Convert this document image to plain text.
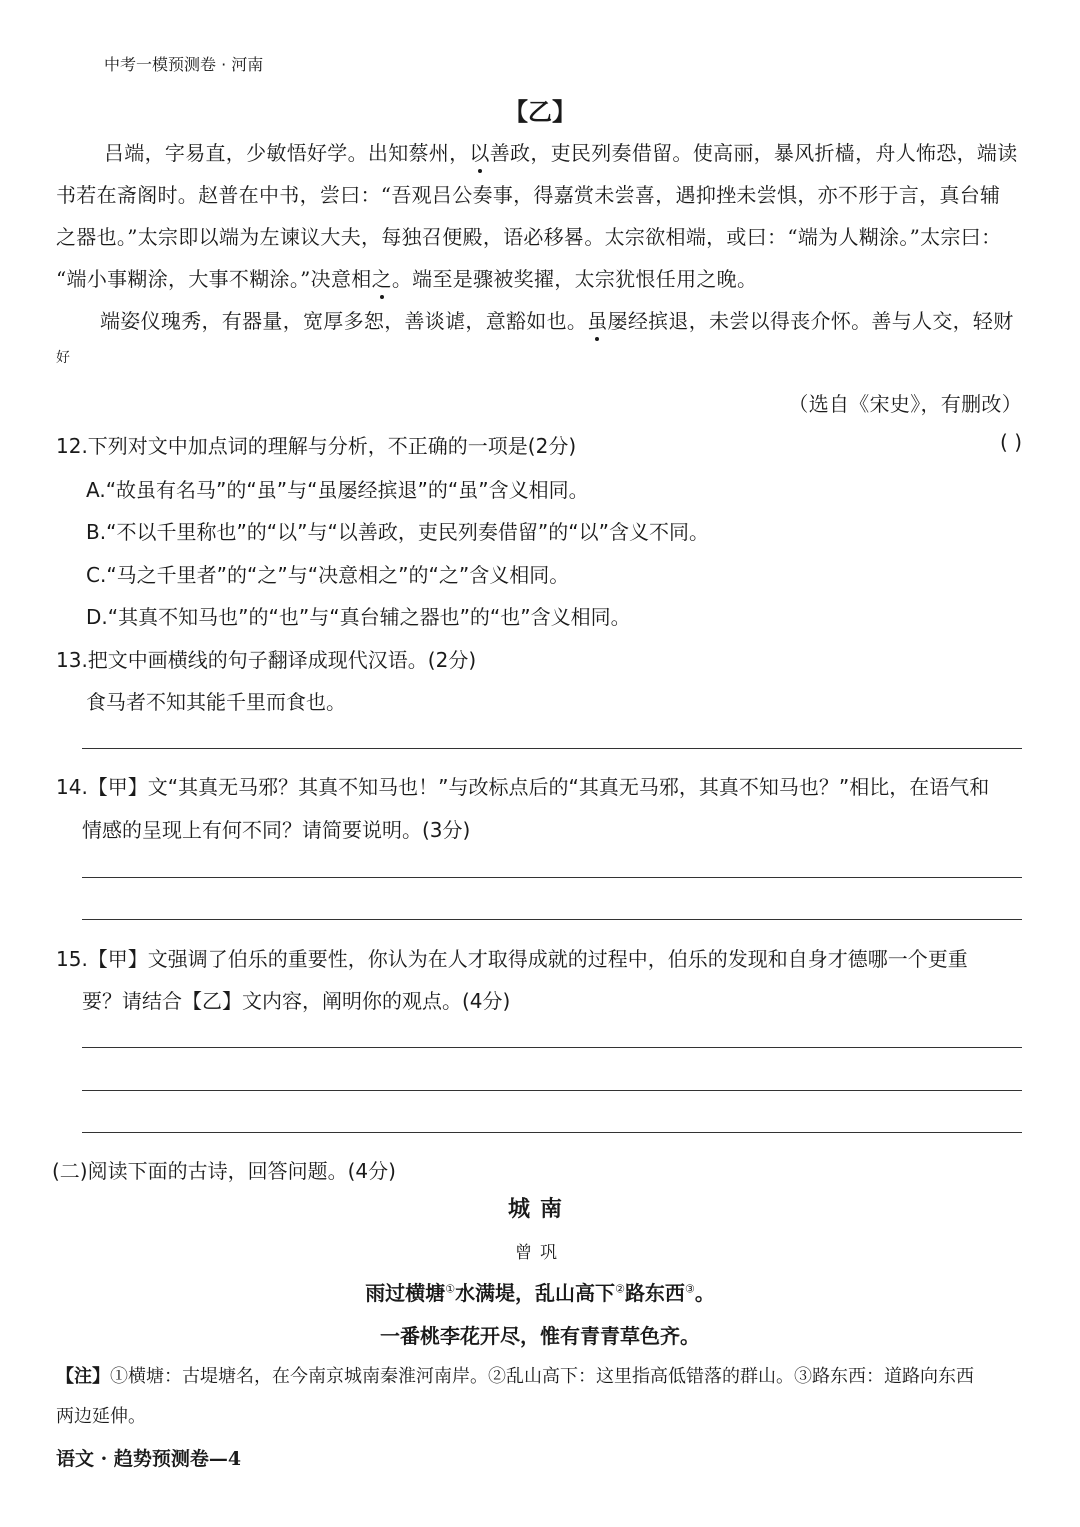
中考一模预测卷 · 河南
【乙】
吕端，字易直，少敏悟好学。出知蔡州，以善政，吏民列奏借留。使高丽，暴风折樯，舟人怖恐，端读
书若在斋阁时。赵普在中书，尝曰：“吾观吕公奏事，得嘉赏未尝喜，遇抑挫未尝惧，亦不形于言，真台辅
之器也。”太宗即以端为左谏议大夫，每独召便殿，语必移晷。太宗欲相端，或曰：“端为人糊涂。”太宗曰：
“端小事糊涂，大事不糊涂。”决意相之。端至是骤被奖擢，太宗犹恨任用之晚。
端姿仪瑰秀，有器量，宽厚多恕，善谈谑，意豁如也。虽屡经摈退，未尝以得丧介怀。善与人交，轻财
好
（选自《宋史》，有删改）
12.下列对文中加点词的理解与分析，不正确的一项是(2分)	( )
A.“故虽有名马”的“虽”与“虽屡经摈退”的“虽”含义相同。
B.“不以千里称也”的“以”与“以善政，吏民列奏借留”的“以”含义不同。
C.“马之千里者”的“之”与“决意相之”的“之”含义相同。
D.“其真不知马也”的“也”与“真台辅之器也”的“也”含义相同。
13.把文中画横线的句子翻译成现代汉语。(2分)
食马者不知其能千里而食也。
14.【甲】文“其真无马邪？其真不知马也！”与改标点后的“其真无马邪，其真不知马也？”相比，在语气和
情感的呈现上有何不同？请简要说明。(3分)
15.【甲】文强调了伯乐的重要性，你认为在人才取得成就的过程中，伯乐的发现和自身才德哪一个更重
要？请结合【乙】文内容，阐明你的观点。(4分)
(二)阅读下面的古诗，回答问题。(4分)
城南
曾巩
雨过横塘①水满堤，乱山高下②路东西③。
一番桃李花开尽，惟有青青草色齐。
【注】①横塘：古堤塘名，在今南京城南秦淮河南岸。②乱山高下：这里指高低错落的群山。③路东西：道路向东西
两边延伸。
语文 · 趋势预测卷—4
